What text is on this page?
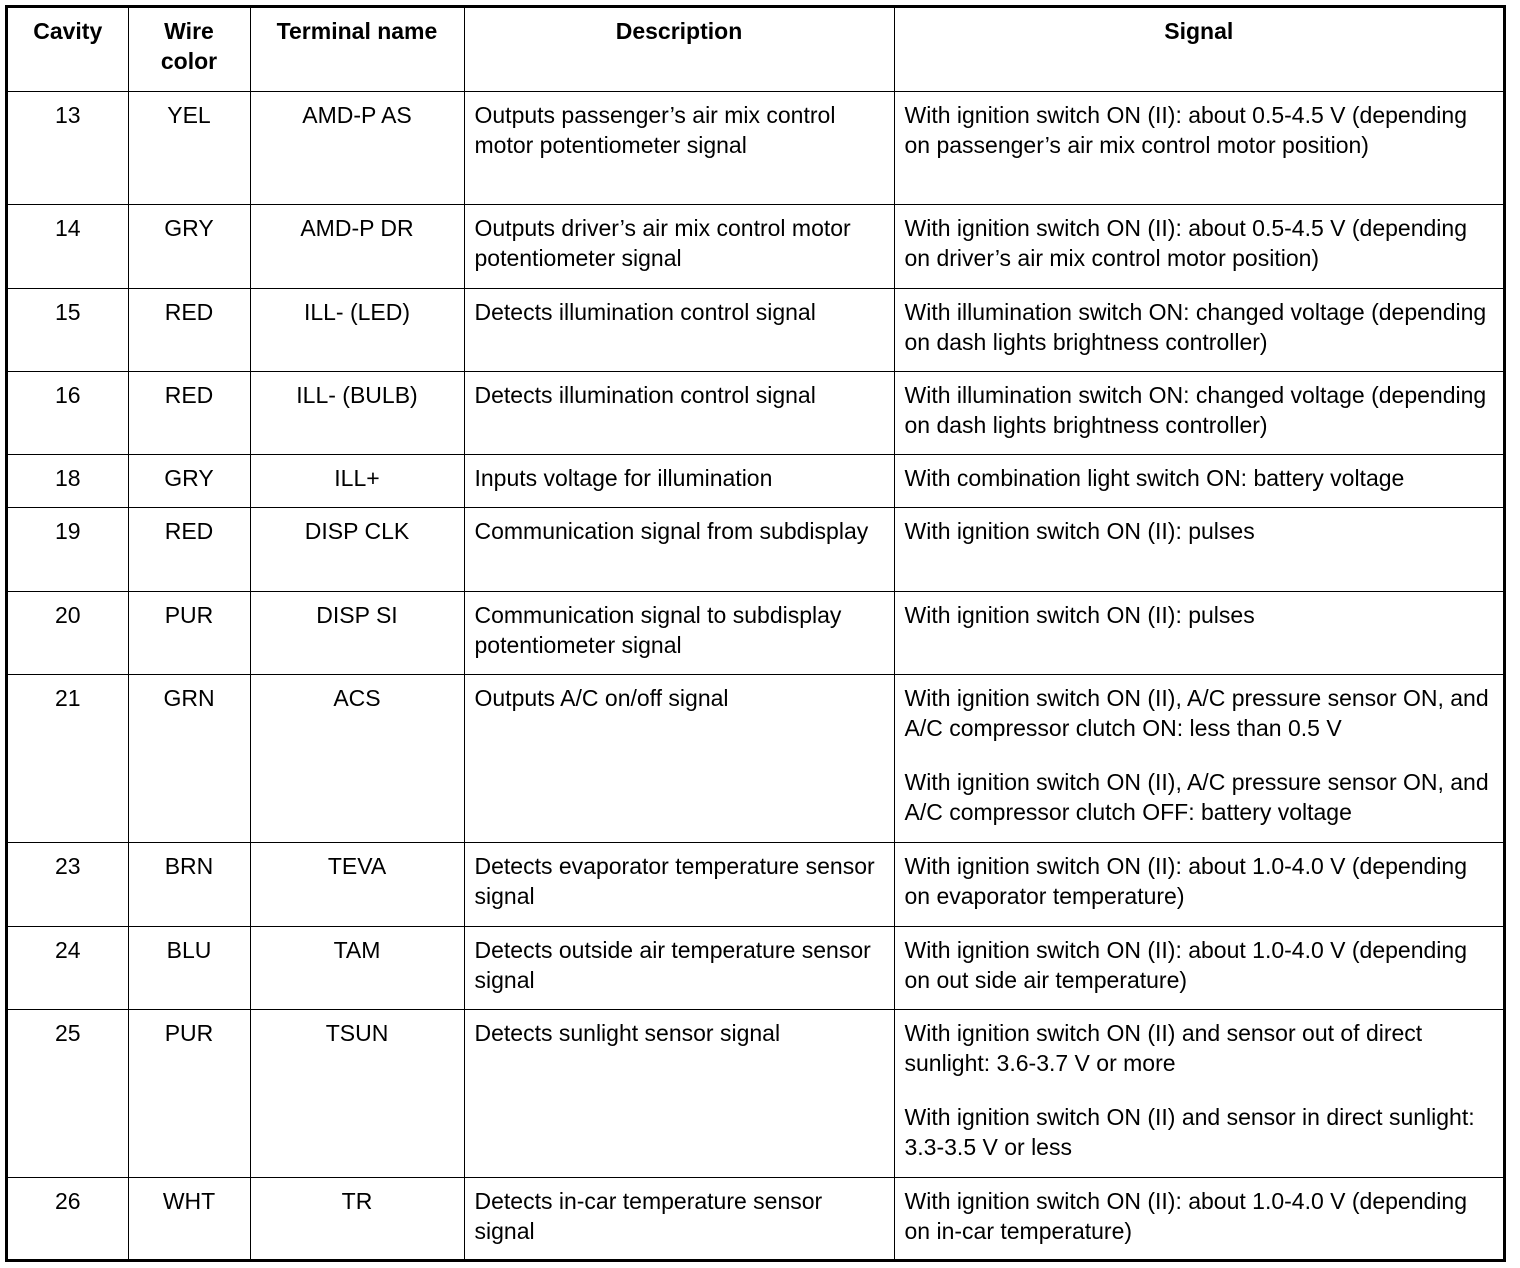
Cavity	Wire color	Terminal name	Description	Signal
13	YEL	AMD-P AS	Outputs passenger’s air mix control motor potentiometer signal	With ignition switch ON (II): about 0.5-4.5 V (depending on passenger’s air mix control motor position)

14	GRY	AMD-P DR	Outputs driver’s air mix control motor potentiometer signal	With ignition switch ON (II): about 0.5-4.5 V (depending on driver’s air mix control motor position)

15	RED	ILL- (LED)	Detects illumination control signal	With illumination switch ON: changed voltage (depending on dash lights brightness controller)

16	RED	ILL- (BULB)	Detects illumination control signal	With illumination switch ON: changed voltage (depending on dash lights brightness controller)

18	GRY	ILL+	Inputs voltage for illumination	With combination light switch ON: battery voltage

19	RED	DISP CLK	Communication signal from subdisplay	With ignition switch ON (II): pulses

20	PUR	DISP SI	Communication signal to subdisplay potentiometer signal	With ignition switch ON (II): pulses

21	GRN	ACS	Outputs A/C on/off signal	With ignition switch ON (II), A/C pressure sensor ON, and A/C compressor clutch ON: less than 0.5 V

With ignition switch ON (II), A/C pressure sensor ON, and A/C compressor clutch OFF: battery voltage

23	BRN	TEVA	Detects evaporator temperature sensor signal	With ignition switch ON (II): about 1.0-4.0 V (depending on evaporator temperature)

24	BLU	TAM	Detects outside air temperature sensor signal	With ignition switch ON (II): about 1.0-4.0 V (depending on out side air temperature)

25	PUR	TSUN	Detects sunlight sensor signal	With ignition switch ON (II) and sensor out of direct sunlight: 3.6-3.7 V or more

With ignition switch ON (II) and sensor in direct sunlight: 3.3-3.5 V or less

26	WHT	TR	Detects in-car temperature sensor signal	With ignition switch ON (II): about 1.0-4.0 V (depending on in-car temperature)
